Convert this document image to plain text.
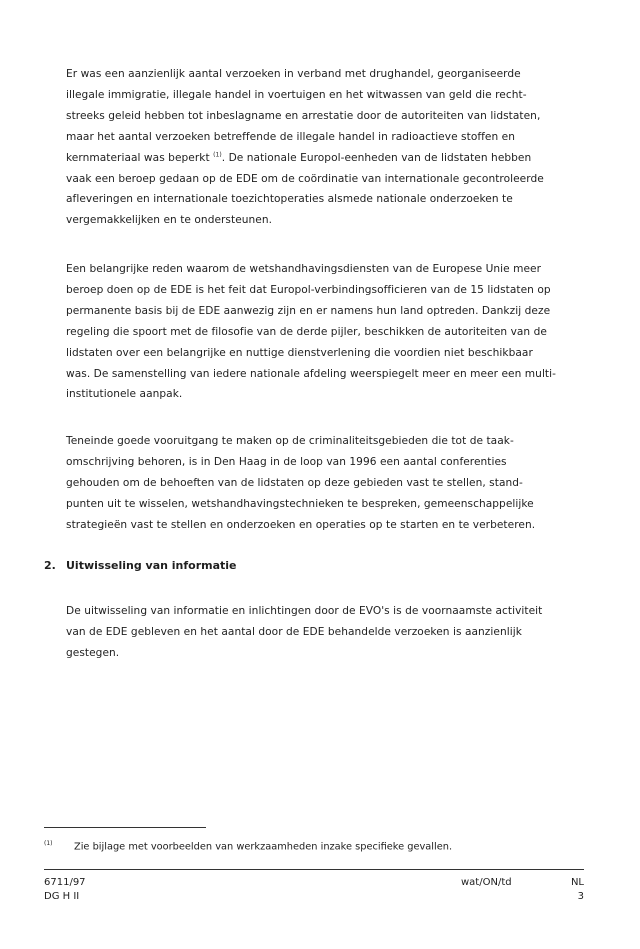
Er was een aanzienlijk aantal verzoeken in verband met drughandel, georganiseerde
illegale immigratie, illegale handel in voertuigen en het witwassen van geld die recht-
streeks geleid hebben tot inbeslagname en arrestatie door de autoriteiten van lidstaten,
maar het aantal verzoeken betreffende de illegale handel in radioactieve stoffen en
kernmateriaal was beperkt $^{(1)}$. De nationale Europol-eenheden van de lidstaten hebben
vaak een beroep gedaan op de EDE om de coördinatie van internationale gecontroleerde
afleveringen en internationale toezichtoperaties alsmede nationale onderzoeken te
vergemakkelijken en te ondersteunen.
Een belangrijke reden waarom de wetshandhavingsdiensten van de Europese Unie meer
beroep doen op de EDE is het feit dat Europol-verbindingsofficieren van de 15 lidstaten op
permanente basis bij de EDE aanwezig zijn en er namens hun land optreden. Dankzij deze
regeling die spoort met de filosofie van de derde pijler, beschikken de autoriteiten van de
lidstaten over een belangrijke en nuttige dienstverlening die voordien niet beschikbaar
was. De samenstelling van iedere nationale afdeling weerspiegelt meer en meer een multi-
institutionele aanpak.
Teneinde goede vooruitgang te maken op de criminaliteitsgebieden die tot de taak-
omschrijving behoren, is in Den Haag in de loop van 1996 een aantal conferenties
gehouden om de behoeften van de lidstaten op deze gebieden vast te stellen, stand-
punten uit te wisselen, wetshandhavingstechnieken te bespreken, gemeenschappelijke
strategieën vast te stellen en onderzoeken en operaties op te starten en te verbeteren.

2. Uitwisseling van informatie

De uitwisseling van informatie en inlichtingen door de EVO's is de voornaamste activiteit
van de EDE gebleven en het aantal door de EDE behandelde verzoeken is aanzienlijk
gestegen.

(1) Zie bijlage met voorbeelden van werkzaamheden inzake specifieke gevallen.

6711/97
DG H II
wat/ON/td	NL
3
